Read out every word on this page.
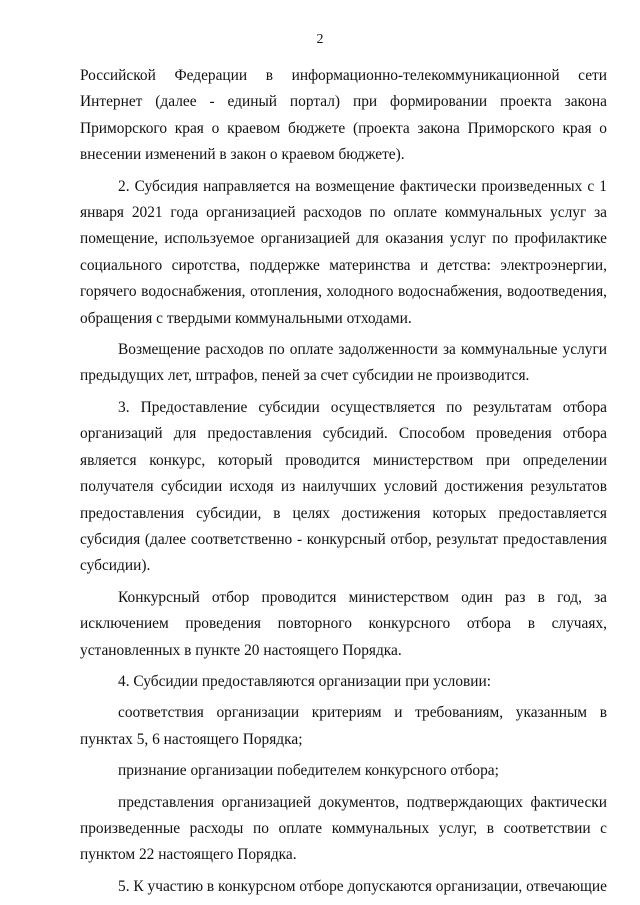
2

Российской Федерации в информационно-телекоммуникационной сети Интернет (далее - единый портал) при формировании проекта закона Приморского края о краевом бюджете (проекта закона Приморского края о внесении изменений в закон о краевом бюджете).

2. Субсидия направляется на возмещение фактически произведенных с 1 января 2021 года организацией расходов по оплате коммунальных услуг за помещение, используемое организацией для оказания услуг по профилактике социального сиротства, поддержке материнства и детства: электроэнергии, горячего водоснабжения, отопления, холодного водоснабжения, водоотведения, обращения с твердыми коммунальными отходами.

Возмещение расходов по оплате задолженности за коммунальные услуги предыдущих лет, штрафов, пеней за счет субсидии не производится.

3. Предоставление субсидии осуществляется по результатам отбора организаций для предоставления субсидий. Способом проведения отбора является конкурс, который проводится министерством при определении получателя субсидии исходя из наилучших условий достижения результатов предоставления субсидии, в целях достижения которых предоставляется субсидия (далее соответственно - конкурсный отбор, результат предоставления субсидии).

Конкурсный отбор проводится министерством один раз в год, за исключением проведения повторного конкурсного отбора в случаях, установленных в пункте 20 настоящего Порядка.

4. Субсидии предоставляются организации при условии:

соответствия организации критериям и требованиям, указанным в пунктах 5, 6 настоящего Порядка;

признание организации победителем конкурсного отбора;

представления организацией документов, подтверждающих фактически произведенные расходы по оплате коммунальных услуг, в соответствии с пунктом 22 настоящего Порядка.

5. К участию в конкурсном отборе допускаются организации, отвечающие
